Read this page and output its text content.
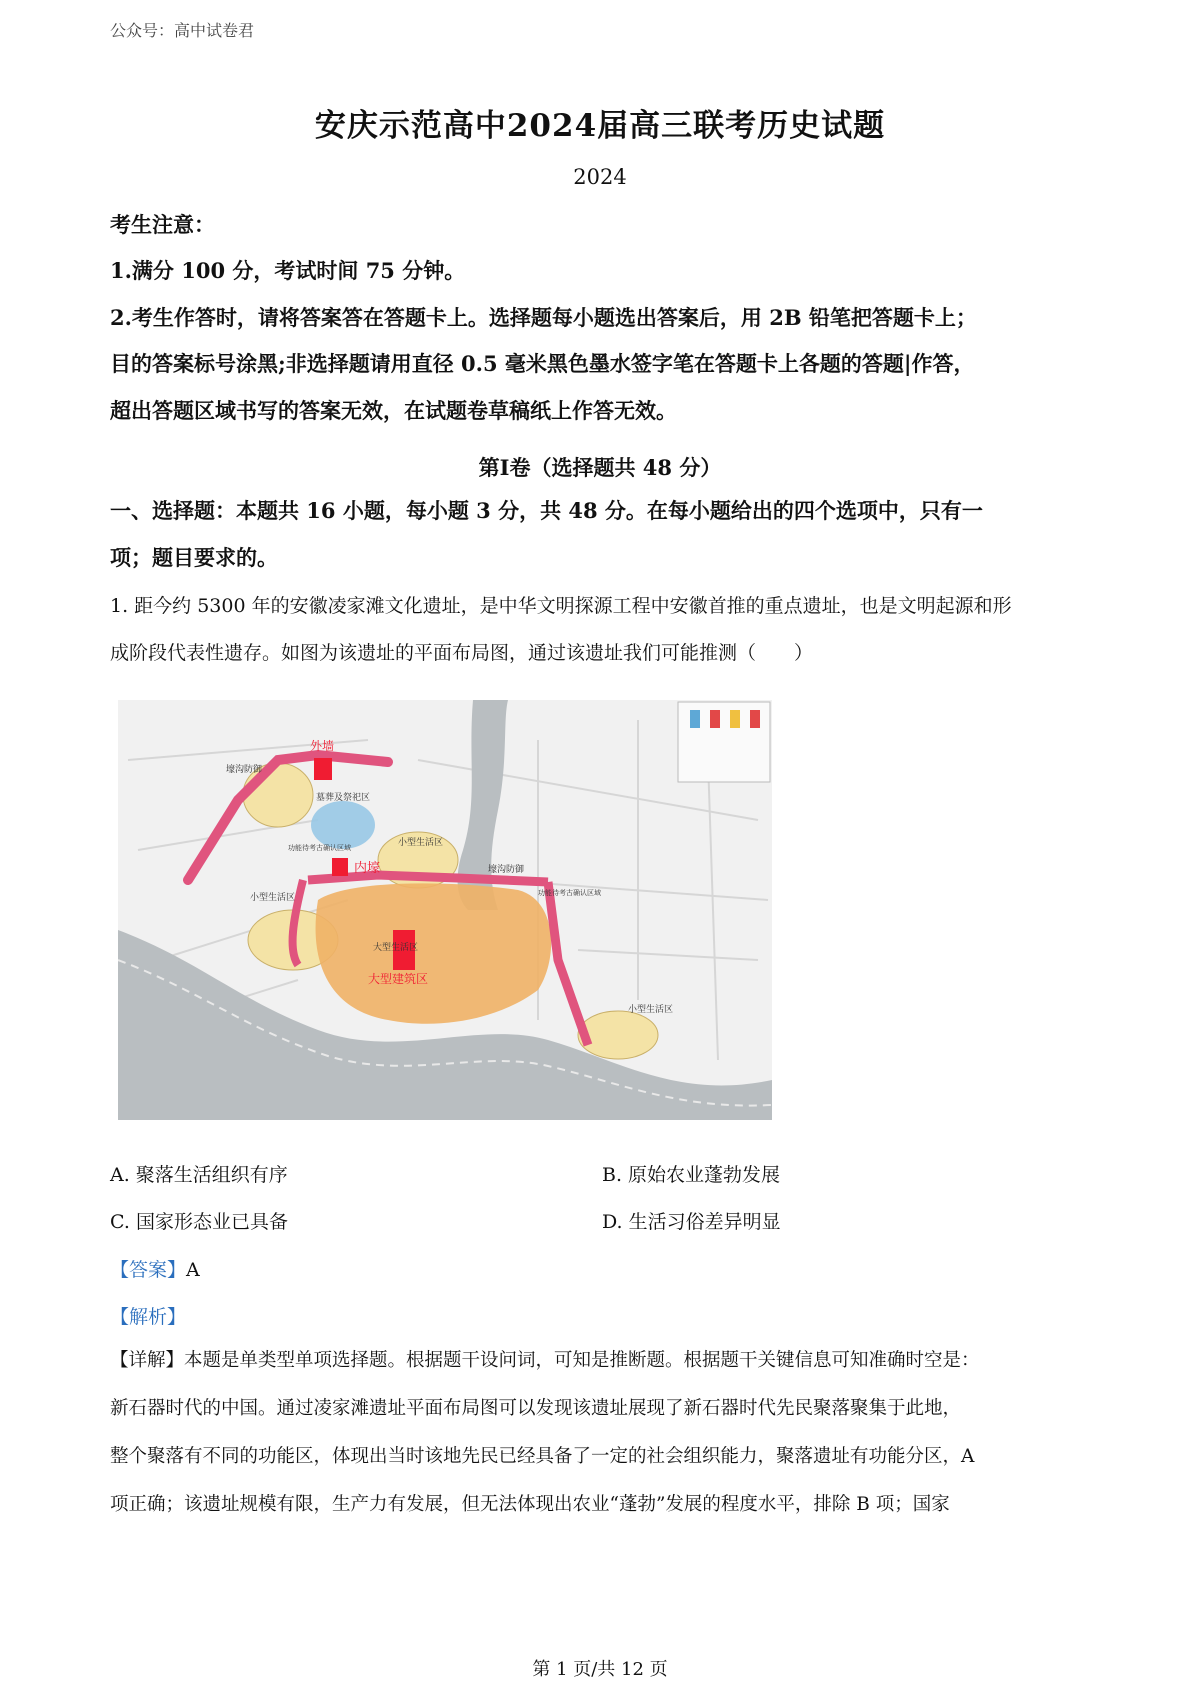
公众号：高中试卷君
安庆示范高中2024届高三联考历史试题
2024
考生注意：
1.满分 100 分，考试时间 75 分钟。
2.考生作答时，请将答案答在答题卡上。选择题每小题选出答案后，用 2B 铅笔把答题卡上；
目的答案标号涂黑;非选择题请用直径 0.5 毫米黑色墨水签字笔在答题卡上各题的答题|作答，
超出答题区域书写的答案无效，在试题卷草稿纸上作答无效。
第Ⅰ卷（选择题共 48 分）
一、选择题：本题共 16 小题，每小题 3 分，共 48 分。在每小题给出的四个选项中，只有一
项；题目要求的。
1. 距今约 5300 年的安徽凌家滩文化遗址，是中华文明探源工程中安徽首推的重点遗址，也是文明起源和形
成阶段代表性遗存。如图为该遗址的平面布局图，通过该遗址我们可能推测（　　）
外墙
壕沟防御
墓葬及祭祀区
小型生活区
小型生活区
内壕	壕沟防御
大型生活区
大型建筑区
小型生活区
功能待考古确认区域
功能待考古确认区域
A. 聚落生活组织有序	B. 原始农业蓬勃发展
C. 国家形态业已具备	D. 生活习俗差异明显
【答案】A
【解析】
【详解】本题是单类型单项选择题。根据题干设问词，可知是推断题。根据题干关键信息可知准确时空是：
新石器时代的中国。通过凌家滩遗址平面布局图可以发现该遗址展现了新石器时代先民聚落聚集于此地，
整个聚落有不同的功能区，体现出当时该地先民已经具备了一定的社会组织能力，聚落遗址有功能分区，A
项正确；该遗址规模有限，生产力有发展，但无法体现出农业“蓬勃”发展的程度水平，排除 B 项；国家
第 1 页/共 12 页
